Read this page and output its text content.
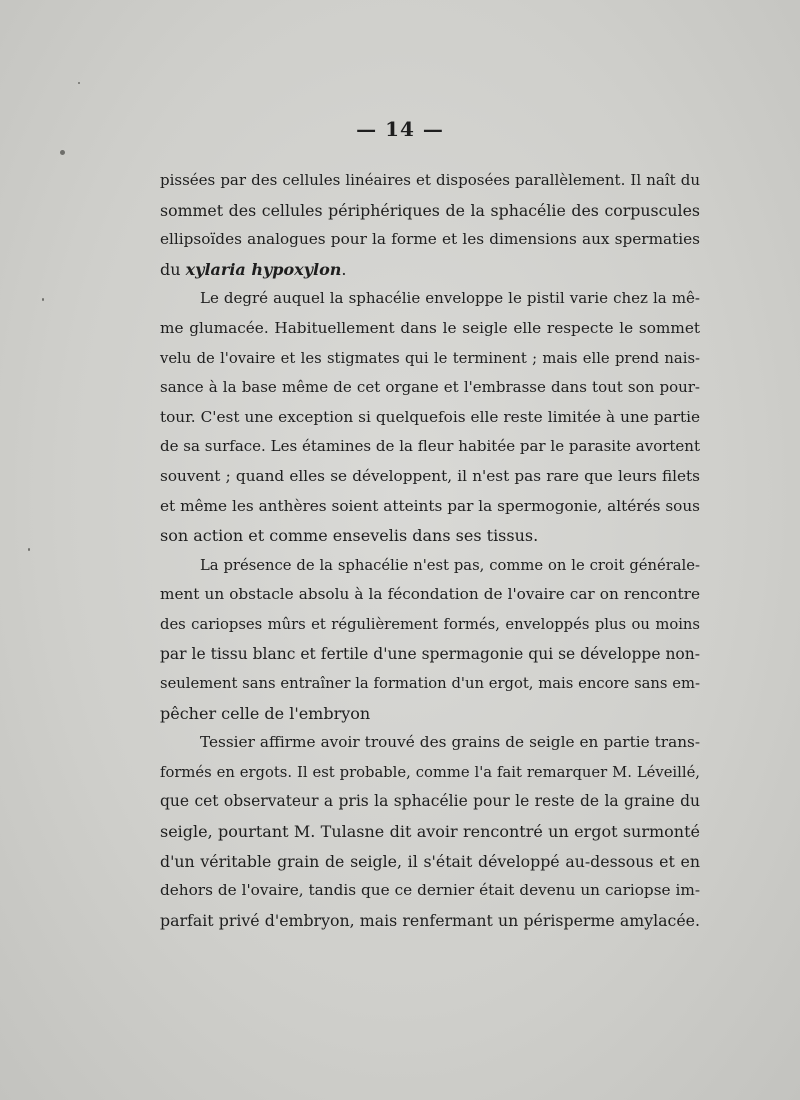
— 14 —
pissées par des cellules linéaires et disposées parallèlement. Il naît du
sommet des cellules périphériques de la sphacélie des corpuscules
ellipsoïdes analogues pour la forme et les dimensions aux spermaties
du xylaria hypoxylon.
Le degré auquel la sphacélie enveloppe le pistil varie chez la mê-
me glumacée. Habituellement dans le seigle elle respecte le sommet
velu de l'ovaire et les stigmates qui le terminent ; mais elle prend nais-
sance à la base même de cet organe et l'embrasse dans tout son pour-
tour. C'est une exception si quelquefois elle reste limitée à une partie
de sa surface. Les étamines de la fleur habitée par le parasite avortent
souvent ; quand elles se développent, il n'est pas rare que leurs filets
et même les anthères soient atteints par la spermogonie, altérés sous
son action et comme ensevelis dans ses tissus.
La présence de la sphacélie n'est pas, comme on le croit générale-
ment un obstacle absolu à la fécondation de l'ovaire car on rencontre
des cariopses mûrs et régulièrement formés, enveloppés plus ou moins
par le tissu blanc et fertile d'une spermagonie qui se développe non-
seulement sans entraîner la formation d'un ergot, mais encore sans em-
pêcher celle de l'embryon
Tessier affirme avoir trouvé des grains de seigle en partie trans-
formés en ergots. Il est probable, comme l'a fait remarquer M. Léveillé,
que cet observateur a pris la sphacélie pour le reste de la graine du
seigle, pourtant M. Tulasne dit avoir rencontré un ergot surmonté
d'un véritable grain de seigle, il s'était développé au-dessous et en
dehors de l'ovaire, tandis que ce dernier était devenu un cariopse im-
parfait privé d'embryon, mais renfermant un périsperme amylacée.
